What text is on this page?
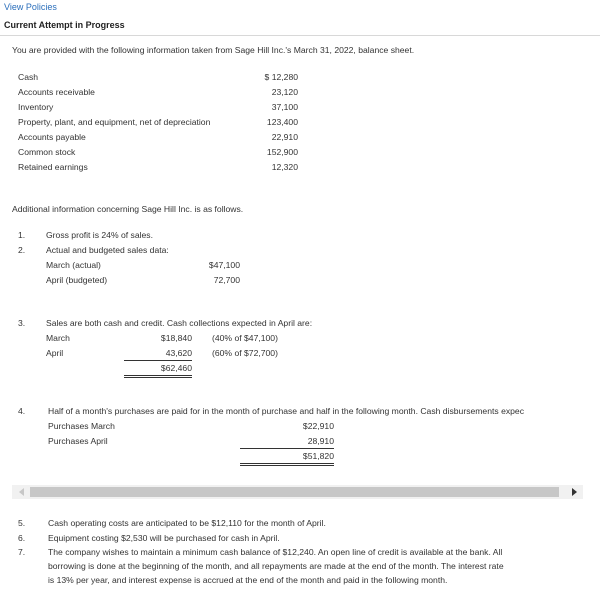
View Policies
Current Attempt in Progress
You are provided with the following information taken from Sage Hill Inc.'s March 31, 2022, balance sheet.
Cash	$ 12,280
Accounts receivable	23,120
Inventory	37,100
Property, plant, and equipment, net of depreciation	123,400
Accounts payable	22,910
Common stock	152,900
Retained earnings	12,320
Additional information concerning Sage Hill Inc. is as follows.
1. Gross profit is 24% of sales.
2. Actual and budgeted sales data:
March (actual)	$47,100
April (budgeted)	72,700
3. Sales are both cash and credit. Cash collections expected in April are:
March	$18,840 (40% of $47,100)
April	43,620 (60% of $72,700)
$62,460
4.	Half of a month's purchases are paid for in the month of purchase and half in the following month. Cash disbursements expec
Purchases March	$22,910
Purchases April	28,910
$51,820
5.	Cash operating costs are anticipated to be $12,110 for the month of April.
6.	Equipment costing $2,530 will be purchased for cash in April.
7.	The company wishes to maintain a minimum cash balance of $12,240. An open line of credit is available at the bank. All
borrowing is done at the beginning of the month, and all repayments are made at the end of the month. The interest rate
is 13% per year, and interest expense is accrued at the end of the month and paid in the following month.
